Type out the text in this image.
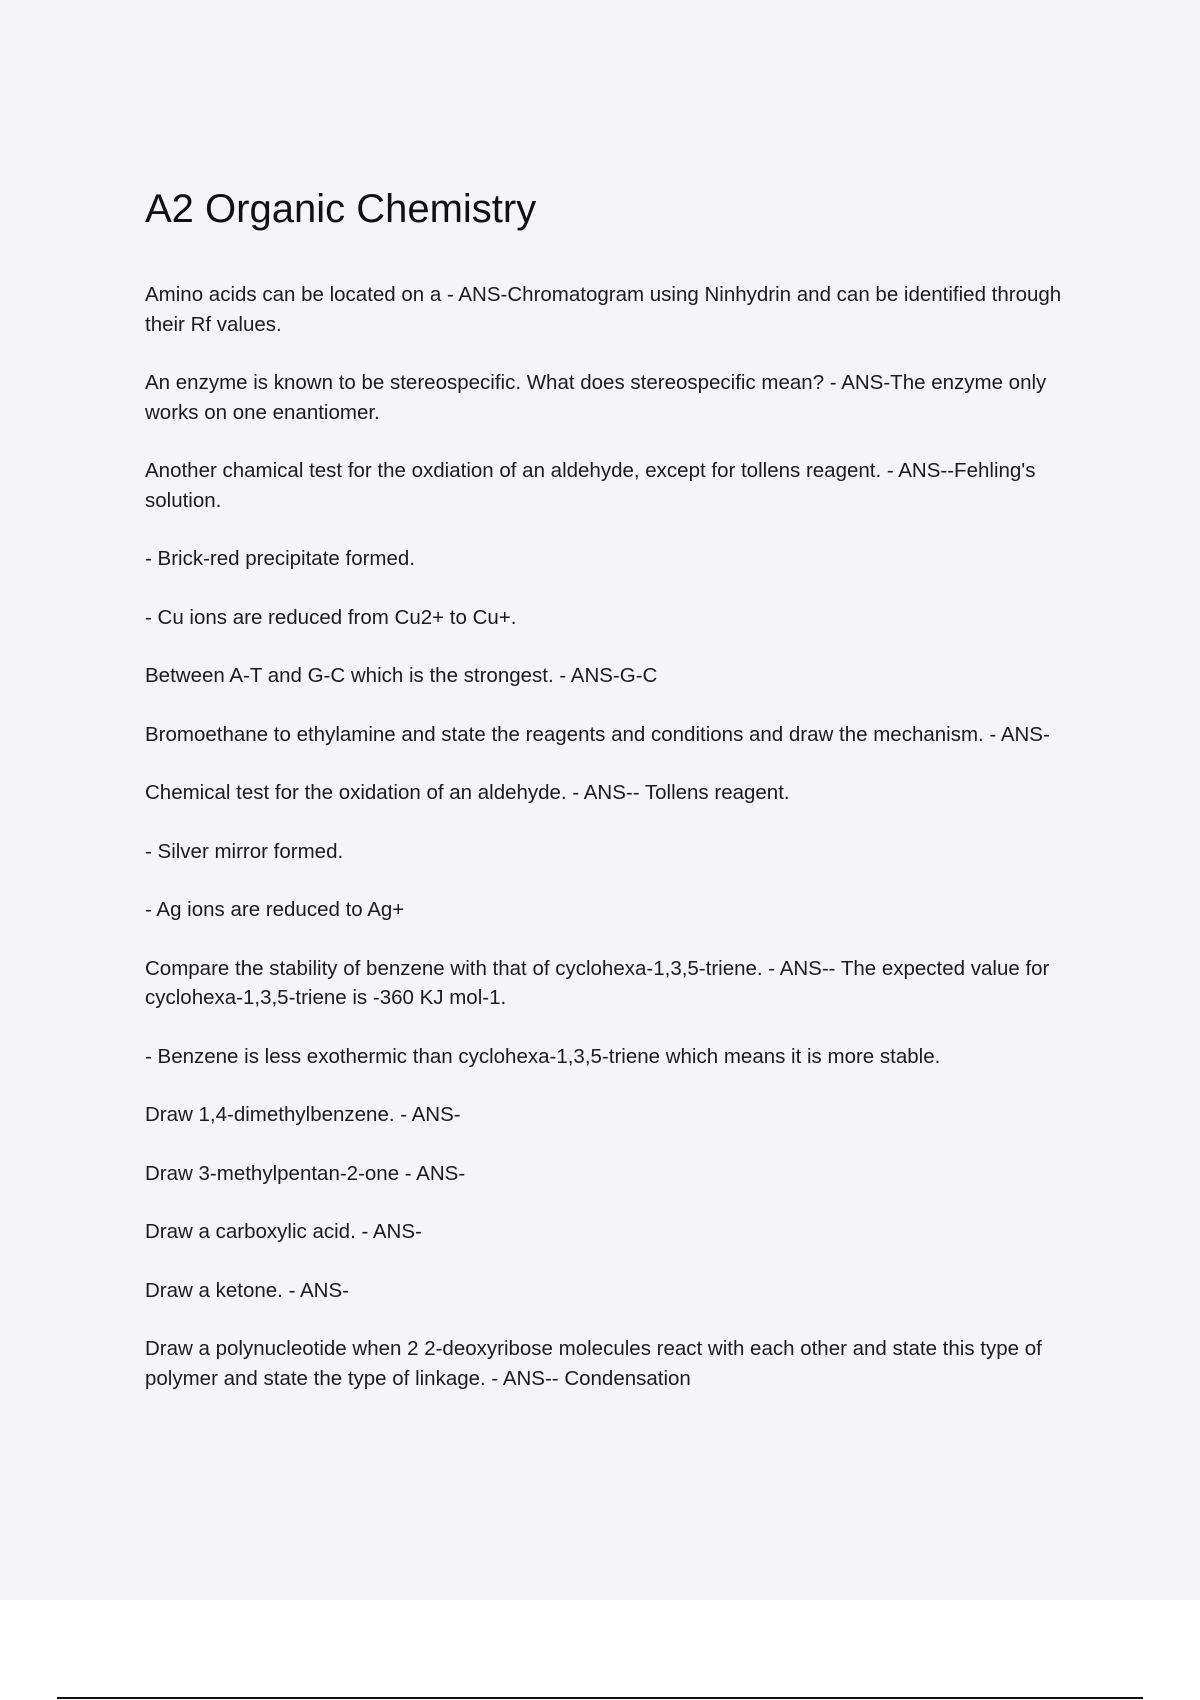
A2 Organic Chemistry

Amino acids can be located on a - ANS-Chromatogram using Ninhydrin and can be identified through their Rf values.

An enzyme is known to be stereospecific. What does stereospecific mean? - ANS-The enzyme only works on one enantiomer.

Another chamical test for the oxdiation of an aldehyde, except for tollens reagent. - ANS--Fehling's solution.

- Brick-red precipitate formed.

- Cu ions are reduced from Cu2+ to Cu+.

Between A-T and G-C which is the strongest. - ANS-G-C

Bromoethane to ethylamine and state the reagents and conditions and draw the mechanism. - ANS-

Chemical test for the oxidation of an aldehyde. - ANS-- Tollens reagent.

- Silver mirror formed.

- Ag ions are reduced to Ag+

Compare the stability of benzene with that of cyclohexa-1,3,5-triene. - ANS-- The expected value for cyclohexa-1,3,5-triene is -360 KJ mol-1.

- Benzene is less exothermic than cyclohexa-1,3,5-triene which means it is more stable.

Draw 1,4-dimethylbenzene. - ANS-

Draw 3-methylpentan-2-one - ANS-

Draw a carboxylic acid. - ANS-

Draw a ketone. - ANS-

Draw a polynucleotide when 2 2-deoxyribose molecules react with each other and state this type of polymer and state the type of linkage. - ANS-- Condensation
